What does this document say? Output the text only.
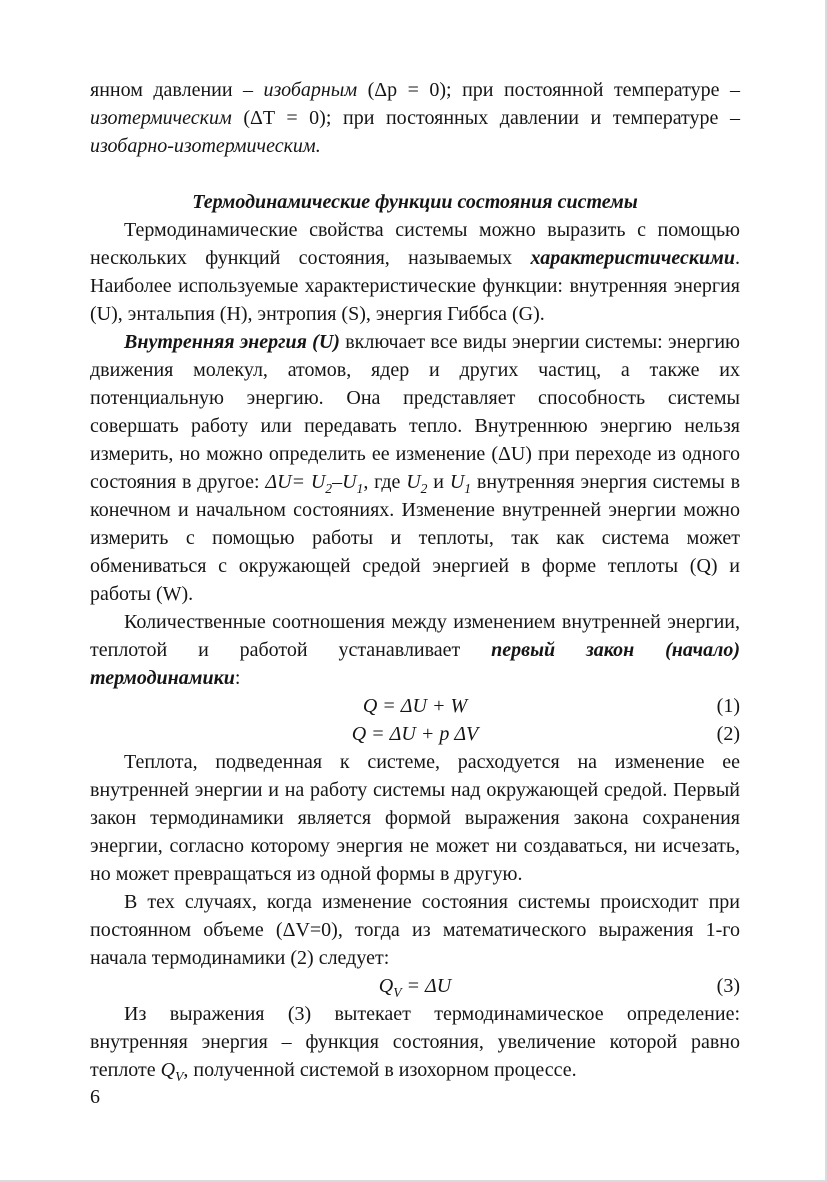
янном давлении – изобарным (Δp = 0); при постоянной температуре – изотермическим (ΔT = 0); при постоянных давлении и температуре – изобарно-изотермическим.

Термодинамические функции состояния системы

Термодинамические свойства системы можно выразить с помощью нескольких функций состояния, называемых характеристическими. Наиболее используемые характеристические функции: внутренняя энергия (U), энтальпия (H), энтропия (S), энергия Гиббса (G).

Внутренняя энергия (U) включает все виды энергии системы: энергию движения молекул, атомов, ядер и других частиц, а также их потенциальную энергию. Она представляет способность системы совершать работу или передавать тепло. Внутреннюю энергию нельзя измерить, но можно определить ее изменение (ΔU) при переходе из одного состояния в другое: $\Delta U= U_2-U_1$, где $U_2$ и $U_1$ внутренняя энергия системы в конечном и начальном состояниях. Изменение внутренней энергии можно измерить с помощью работы и теплоты, так как система может обмениваться с окружающей средой энергией в форме теплоты (Q) и работы (W).

Количественные соотношения между изменением внутренней энергии, теплотой и работой устанавливает первый закон (начало) термодинамики:

Q = ΔU + W	(1)
Q = ΔU + p ΔV	(2)

Теплота, подведенная к системе, расходуется на изменение ее внутренней энергии и на работу системы над окружающей средой. Первый закон термодинамики является формой выражения закона сохранения энергии, согласно которому энергия не может ни создаваться, ни исчезать, но может превращаться из одной формы в другую.

В тех случаях, когда изменение состояния системы происходит при постоянном объеме (ΔV=0), тогда из математического выражения 1-го начала термодинамики (2) следует:

$Q_V = \Delta U$	(3)

Из выражения (3) вытекает термодинамическое определение: внутренняя энергия – функция состояния, увеличение которой равно теплоте $Q_V$, полученной системой в изохорном процессе.

6
